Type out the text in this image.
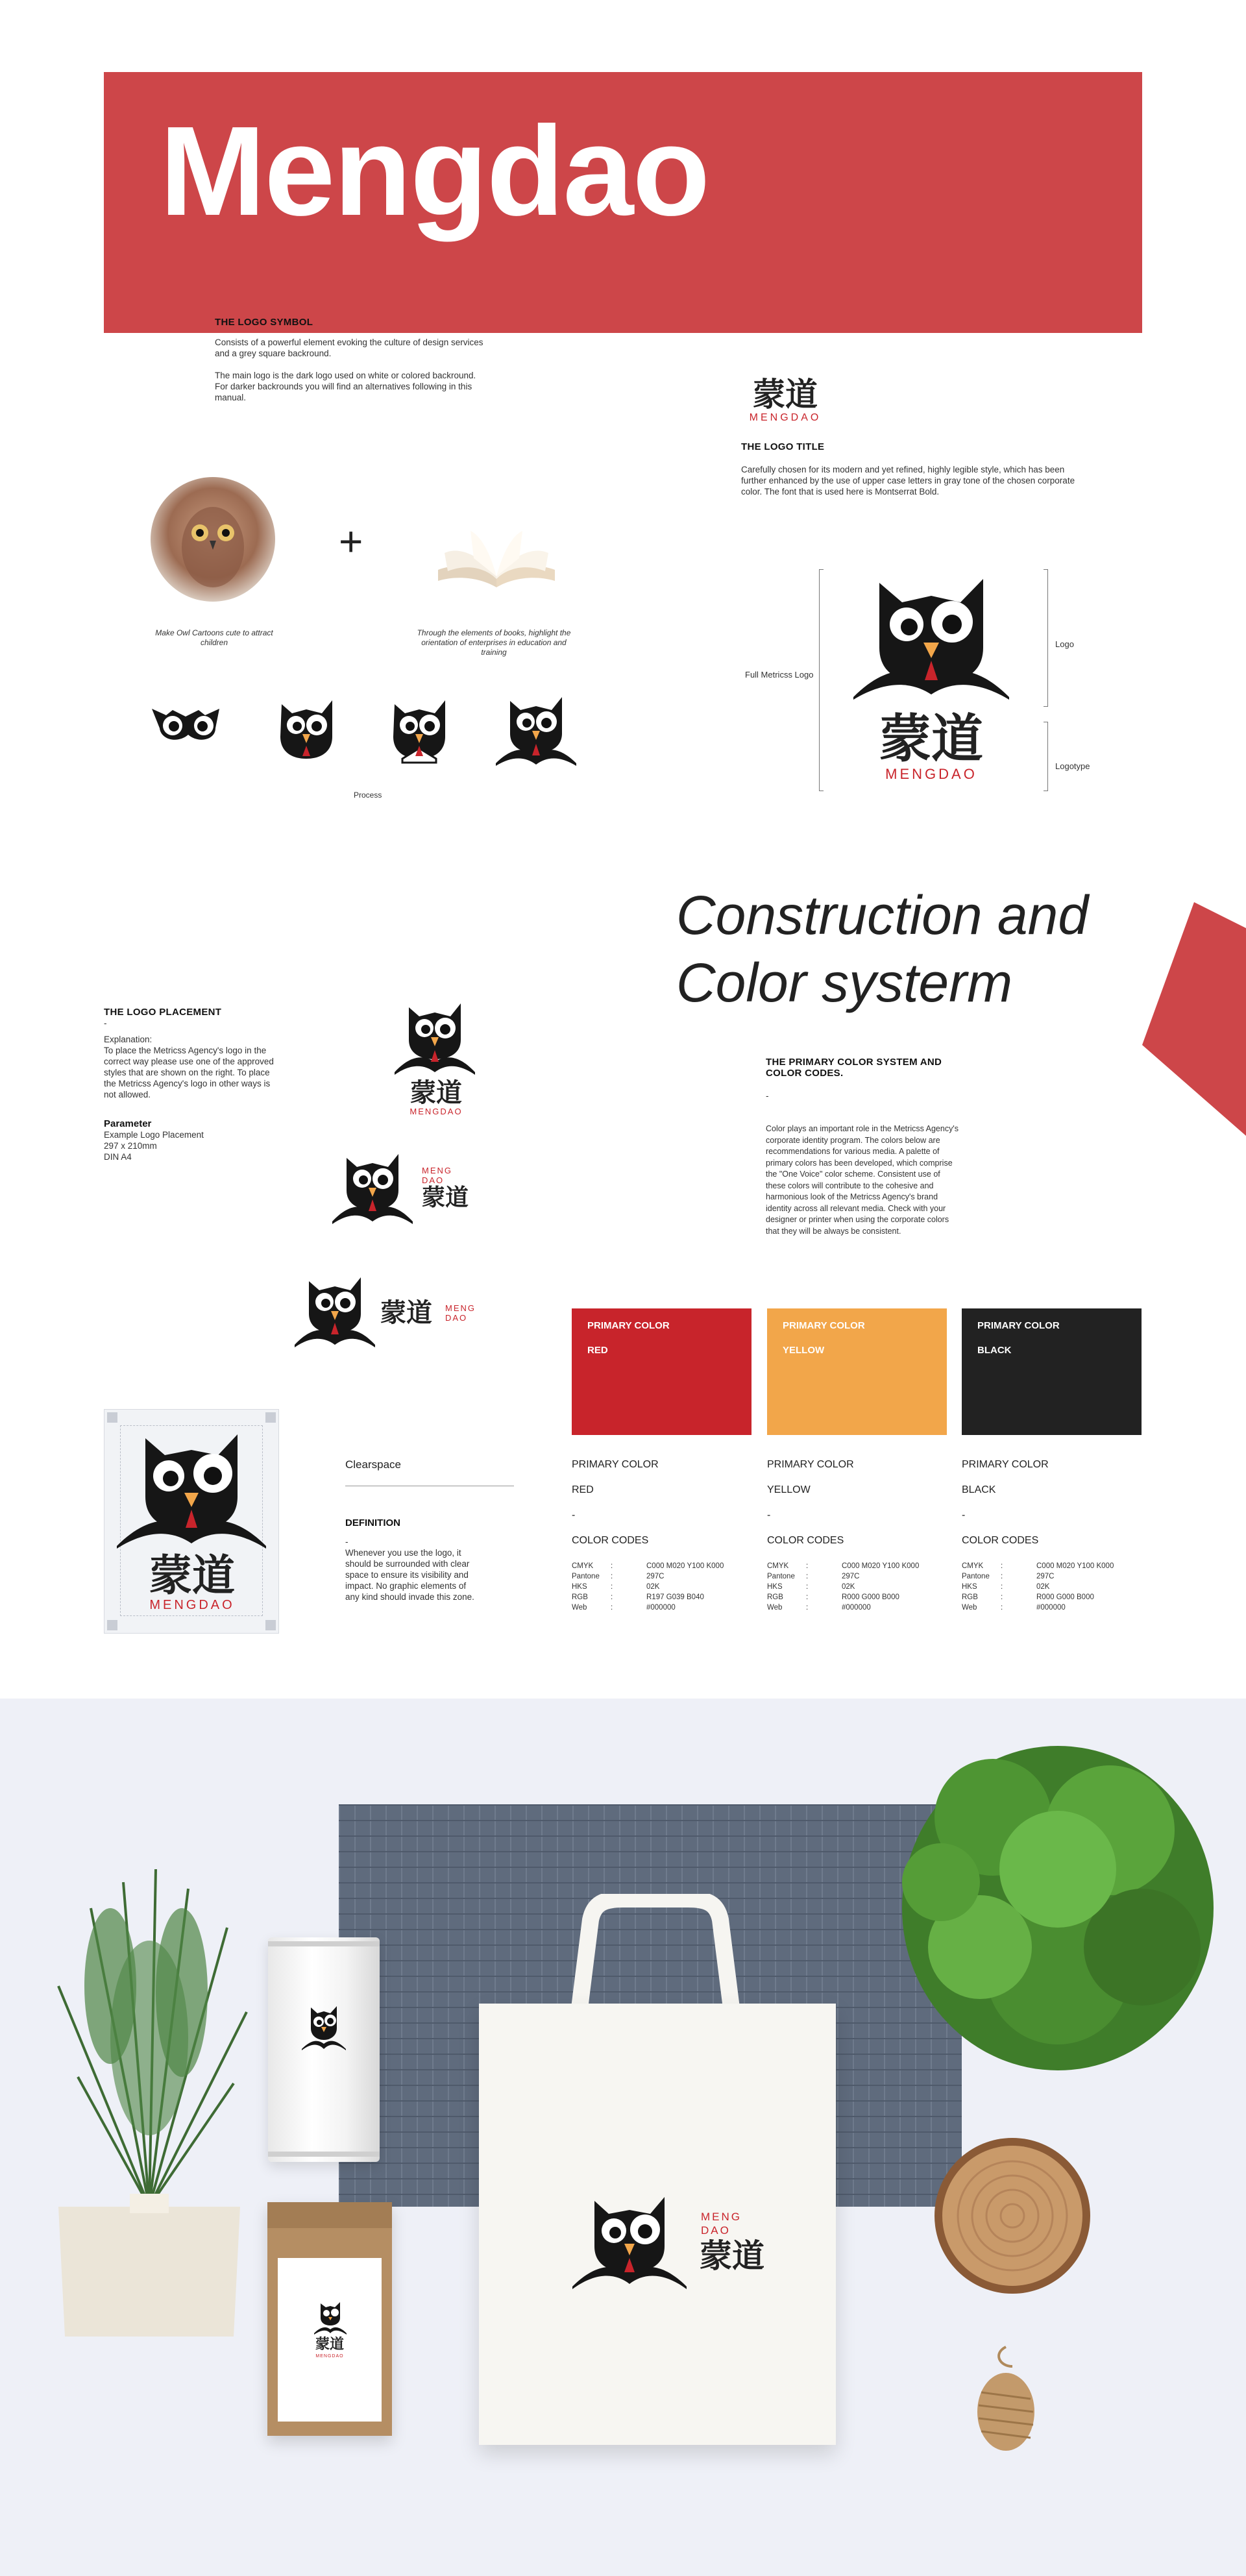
Mengdao

THE LOGO SYMBOL

Consists of a powerful element evoking the culture of design services and a grey square backround.

The main logo is the dark logo used on white or colored backround. For darker backrounds you will find an alternatives following in this manual.

+
Make Owl Cartoons cute to attract children
Through the elements of books, highlight the orientation of enterprises in education and training
Process
蒙道
MENGDAO

THE LOGO TITLE

Carefully chosen for its modern and yet refined, highly legible style, which has been further enhanced by the use of upper case letters in gray tone of the chosen corporate color. The font that is used here is Montserrat Bold.

Full Metricss Logo
Logo
Logotype
蒙道
MENGDAO
Construction and
Color systerm

THE LOGO PLACEMENT

-

Explanation:
To place the Metricss Agency's logo in the correct way please use one of the approved styles that are shown on the right. To place the Metricss Agency's logo in other ways is not allowed.

Parameter

Example Logo Placement
297 x 210mm
DIN A4

蒙道
MENGDAO
MENG
DAO
蒙道
蒙道 MENG
DAO

THE PRIMARY COLOR SYSTEM AND COLOR CODES.

-

Color plays an important role in the Metricss Agency's corporate identity program. The colors below are recommendations for various media. A palette of primary colors has been developed, which comprise the "One Voice" color scheme. Consistent use of these colors will contribute to the cohesive and harmonious look of the Metricss Agency's brand identity across all relevant media. Check with your designer or printer when using the corporate colors that they will be always be consistent.

PRIMARY COLOR
RED
PRIMARY COLOR
YELLOW
PRIMARY COLOR
BLACK
PRIMARY COLOR
RED
-
COLOR CODES
PRIMARY COLOR
YELLOW
-
COLOR CODES
PRIMARY COLOR
BLACK
-
COLOR CODES
CMYK	:	C000 M020 Y100 K000
Pantone	:	297C
HKS	:	02K
RGB	:	R197 G039 B040
Web	:	#000000
CMYK	:	C000 M020 Y100 K000
Pantone	:	297C
HKS	:	02K
RGB	:	R000 G000 B000
Web	:	#000000
CMYK	:	C000 M020 Y100 K000
Pantone	:	297C
HKS	:	02K
RGB	:	R000 G000 B000
Web	:	#000000
蒙道
MENGDAO
Clearspace
DEFINITION
-
Whenever you use the logo, it should be surrounded with clear space to ensure its visibility and impact. No graphic elements of any kind should invade this zone.
蒙道
MENGDAO
MENG
DAO
蒙道
